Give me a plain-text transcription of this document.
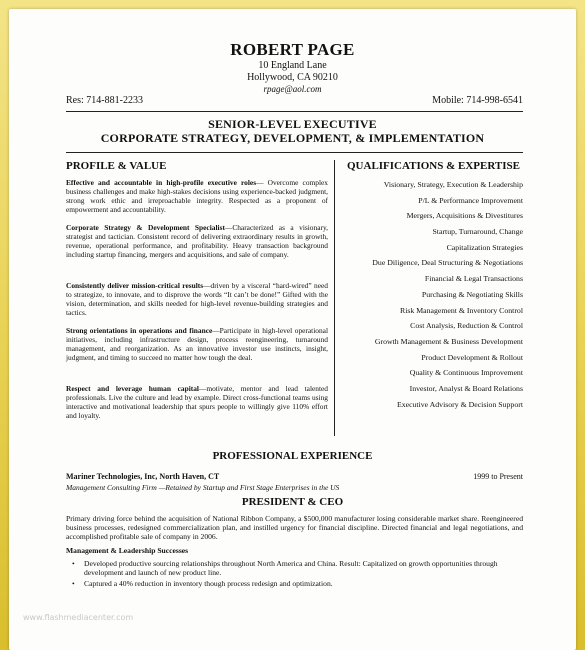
ROBERT PAGE
10 England Lane
Hollywood, CA 90210
rpage@aol.com
Res: 714-881-2233	Mobile: 714-998-6541
SENIOR-LEVEL EXECUTIVE
CORPORATE STRATEGY, DEVELOPMENT, & IMPLEMENTATION
PROFILE & VALUE	QUALIFICATIONS & EXPERTISE
Effective and accountable in high-profile executive roles— Overcome complex business challenges and make high-stakes decisions using experience-backed judgment, strong work ethic and irreproachable integrity. Respected as a proponent of empowerment and accountability.
Corporate Strategy & Development Specialist—Characterized as a visionary, strategist and tactician. Consistent record of delivering extraordinary results in growth, revenue, operational performance, and profitability. Heavy transaction background including startup financing, mergers and acquisitions, and sale of company.
Consistently deliver mission-critical results—driven by a visceral “hard-wired” need to strategize, to innovate, and to disprove the words “It can’t be done!” Gifted with the vision, determination, and skills needed for high-level revenue-building strategies and tactics.
Strong orientations in operations and finance—Participate in high-level operational initiatives, including infrastructure design, process reengineering, turnaround management, and reorganization. As an innovative investor use instincts, insight, judgment, and timing to succeed no matter how tough the deal.
Respect and leverage human capital—motivate, mentor and lead talented professionals. Live the culture and lead by example. Direct cross-functional teams using interactive and motivational leadership that spurs people to willingly give 110% effort and loyalty.
Visionary, Strategy, Execution & Leadership
P/L & Performance Improvement
Mergers, Acquisitions & Divestitures
Startup, Turnaround, Change
Capitalization Strategies
Due Diligence, Deal Structuring & Negotiations
Financial & Legal Transactions
Purchasing & Negotiating Skills
Risk Management & Inventory Control
Cost Analysis, Reduction & Control
Growth Management & Business Development
Product Development & Rollout
Quality & Continuous Improvement
Investor, Analyst & Board Relations
Executive Advisory & Decision Support
PROFESSIONAL EXPERIENCE
Mariner Technologies, Inc, North Haven, CT	1999 to Present
Management Consulting Firm —Retained by Startup and First Stage Enterprises in the US
PRESIDENT & CEO
Primary driving force behind the acquisition of National Ribbon Company, a $500,000 manufacturer losing considerable market share. Reengineered business processes, redesigned commercialization plan, and instilled urgency for financial discipline. Directed financial and legal negotiations, and accomplished profitable sale of company in 2006.
Management & Leadership Successes
• Developed productive sourcing relationships throughout North America and China. Result: Capitalized on growth opportunities through development and launch of new product line.
• Captured a 40% reduction in inventory though process redesign and optimization.
www.flashmediacenter.com
